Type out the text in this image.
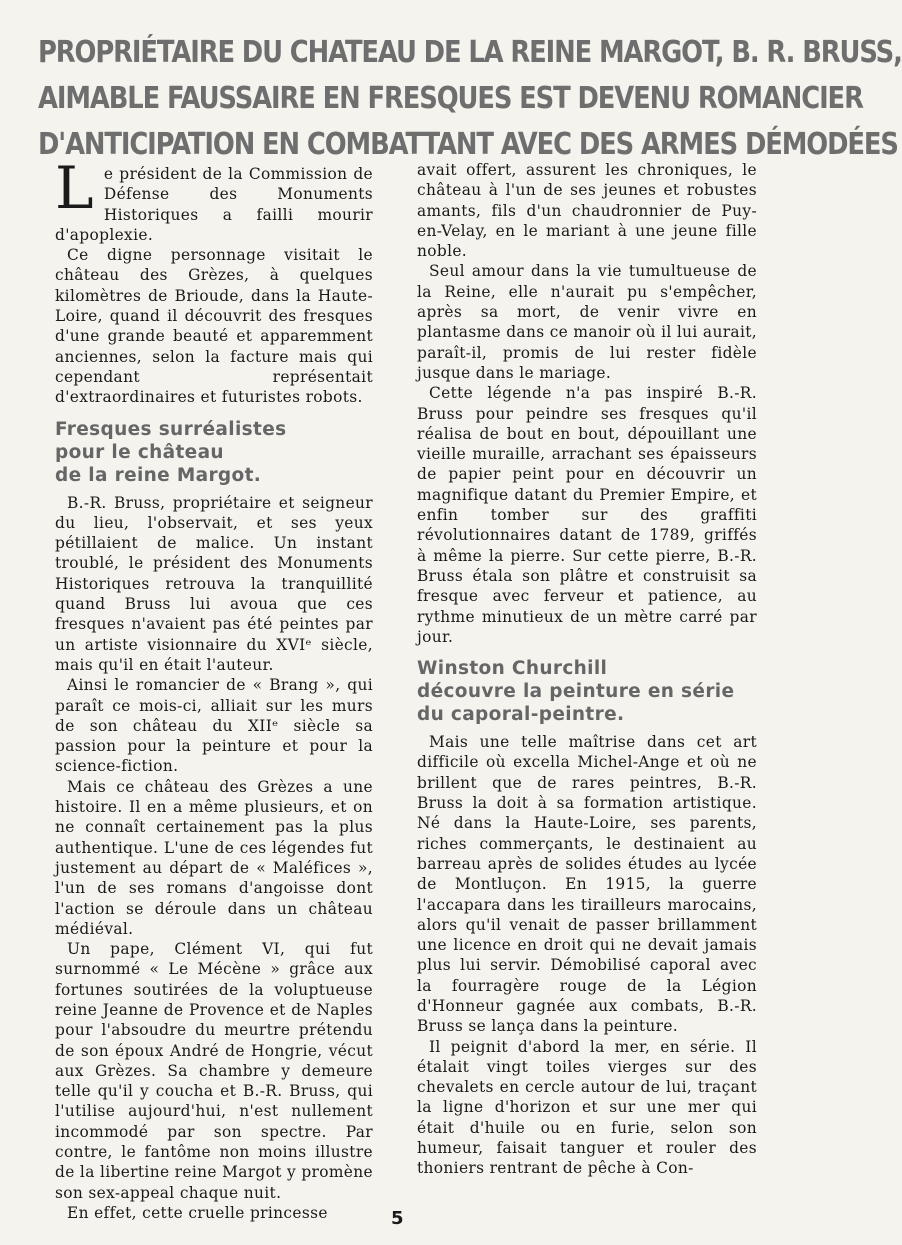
PROPRIÉTAIRE DU CHATEAU DE LA REINE MARGOT, B. R. BRUSS,
AIMABLE FAUSSAIRE EN FRESQUES EST DEVENU ROMANCIER
D'ANTICIPATION EN COMBATTANT AVEC DES ARMES DÉMODÉES

Le président de la Commission de Défense des Monuments Historiques a failli mourir d'apoplexie.

Ce digne personnage visitait le château des Grèzes, à quelques kilomètres de Brioude, dans la Haute-Loire, quand il découvrit des fresques d'une grande beauté et apparemment anciennes, selon la facture mais qui cependant représentait d'extraordinaires et futuristes robots.

Fresques surréalistes
pour le château
de la reine Margot.

B.-R. Bruss, propriétaire et seigneur du lieu, l'observait, et ses yeux pétillaient de malice. Un instant troublé, le président des Monuments Historiques retrouva la tranquillité quand Bruss lui avoua que ces fresques n'avaient pas été peintes par un artiste visionnaire du XVIᵉ siècle, mais qu'il en était l'auteur.

Ainsi le romancier de « Brang », qui paraît ce mois-ci, alliait sur les murs de son château du XIIᵉ siècle sa passion pour la peinture et pour la science-fiction.

Mais ce château des Grèzes a une histoire. Il en a même plusieurs, et on ne connaît certainement pas la plus authentique. L'une de ces légendes fut justement au départ de « Maléfices », l'un de ses romans d'angoisse dont l'action se déroule dans un château médiéval.

Un pape, Clément VI, qui fut surnommé « Le Mécène » grâce aux fortunes soutirées de la voluptueuse reine Jeanne de Provence et de Naples pour l'absoudre du meurtre prétendu de son époux André de Hongrie, vécut aux Grèzes. Sa chambre y demeure telle qu'il y coucha et B.-R. Bruss, qui l'utilise aujourd'hui, n'est nullement incommodé par son spectre. Par contre, le fantôme non moins illustre de la libertine reine Margot y promène son sex-appeal chaque nuit.

En effet, cette cruelle princesse

avait offert, assurent les chroniques, le château à l'un de ses jeunes et robustes amants, fils d'un chaudronnier de Puy-en-Velay, en le mariant à une jeune fille noble.

Seul amour dans la vie tumultueuse de la Reine, elle n'aurait pu s'empêcher, après sa mort, de venir vivre en plantasme dans ce manoir où il lui aurait, paraît-il, promis de lui rester fidèle jusque dans le mariage.

Cette légende n'a pas inspiré B.-R. Bruss pour peindre ses fresques qu'il réalisa de bout en bout, dépouillant une vieille muraille, arrachant ses épaisseurs de papier peint pour en découvrir un magnifique datant du Premier Empire, et enfin tomber sur des graffiti révolutionnaires datant de 1789, griffés à même la pierre. Sur cette pierre, B.-R. Bruss étala son plâtre et construisit sa fresque avec ferveur et patience, au rythme minutieux de un mètre carré par jour.

Winston Churchill
découvre la peinture en série
du caporal-peintre.

Mais une telle maîtrise dans cet art difficile où excella Michel-Ange et où ne brillent que de rares peintres, B.-R. Bruss la doit à sa formation artistique. Né dans la Haute-Loire, ses parents, riches commerçants, le destinaient au barreau après de solides études au lycée de Montluçon. En 1915, la guerre l'accapara dans les tirailleurs marocains, alors qu'il venait de passer brillamment une licence en droit qui ne devait jamais plus lui servir. Démobilisé caporal avec la fourragère rouge de la Légion d'Honneur gagnée aux combats, B.-R. Bruss se lança dans la peinture.

Il peignit d'abord la mer, en série. Il étalait vingt toiles vierges sur des chevalets en cercle autour de lui, traçant la ligne d'horizon et sur une mer qui était d'huile ou en furie, selon son humeur, faisait tanguer et rouler des thoniers rentrant de pêche à Con-

5
